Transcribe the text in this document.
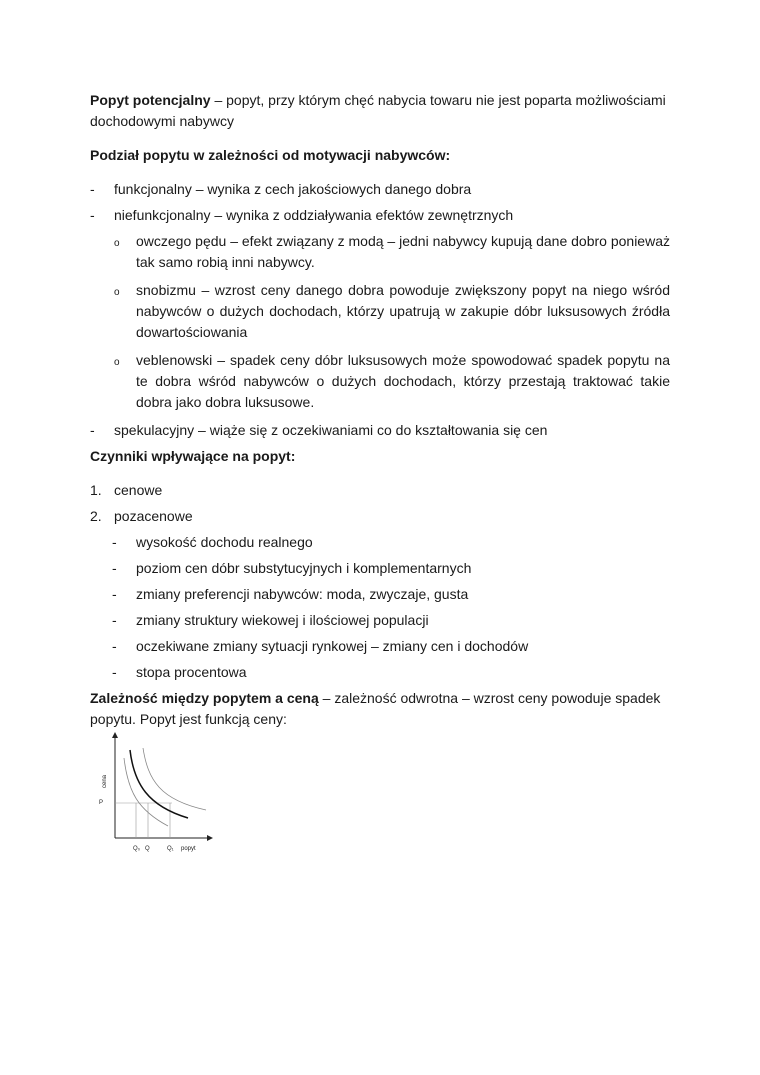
Popyt potencjalny – popyt, przy którym chęć nabycia towaru nie jest poparta możliwościami dochodowymi nabywcy

Podział popytu w zależności od motywacji nabywców:

- funkcjonalny – wynika z cech jakościowych danego dobra
- niefunkcjonalny – wynika z oddziaływania efektów zewnętrznych
o owczego pędu – efekt związany z modą – jedni nabywcy kupują dane dobro ponieważ tak samo robią inni nabywcy.
o snobizmu – wzrost ceny danego dobra powoduje zwiększony popyt na niego wśród nabywców o dużych dochodach, którzy upatrują w zakupie dóbr luksusowych źródła dowartościowania
o veblenowski – spadek ceny dóbr luksusowych może spowodować spadek popytu na te dobra wśród nabywców o dużych dochodach, którzy przestają traktować takie dobra jako dobra luksusowe.
- spekulacyjny – wiąże się z oczekiwaniami co do kształtowania się cen

Czynniki wpływające na popyt:

1. cenowe
2. pozacenowe
- wysokość dochodu realnego
- poziom cen dóbr substytucyjnych i komplementarnych
- zmiany preferencji nabywców: moda, zwyczaje, gusta
- zmiany struktury wiekowej i ilościowej populacji
- oczekiwane zmiany sytuacji rynkowej – zmiany cen i dochodów
- stopa procentowa

Zależność między popytem a ceną – zależność odwrotna – wzrost ceny powoduje spadek popytu. Popyt jest funkcją ceny:

cena
P
Q₀ Q	Q₁ popyt
